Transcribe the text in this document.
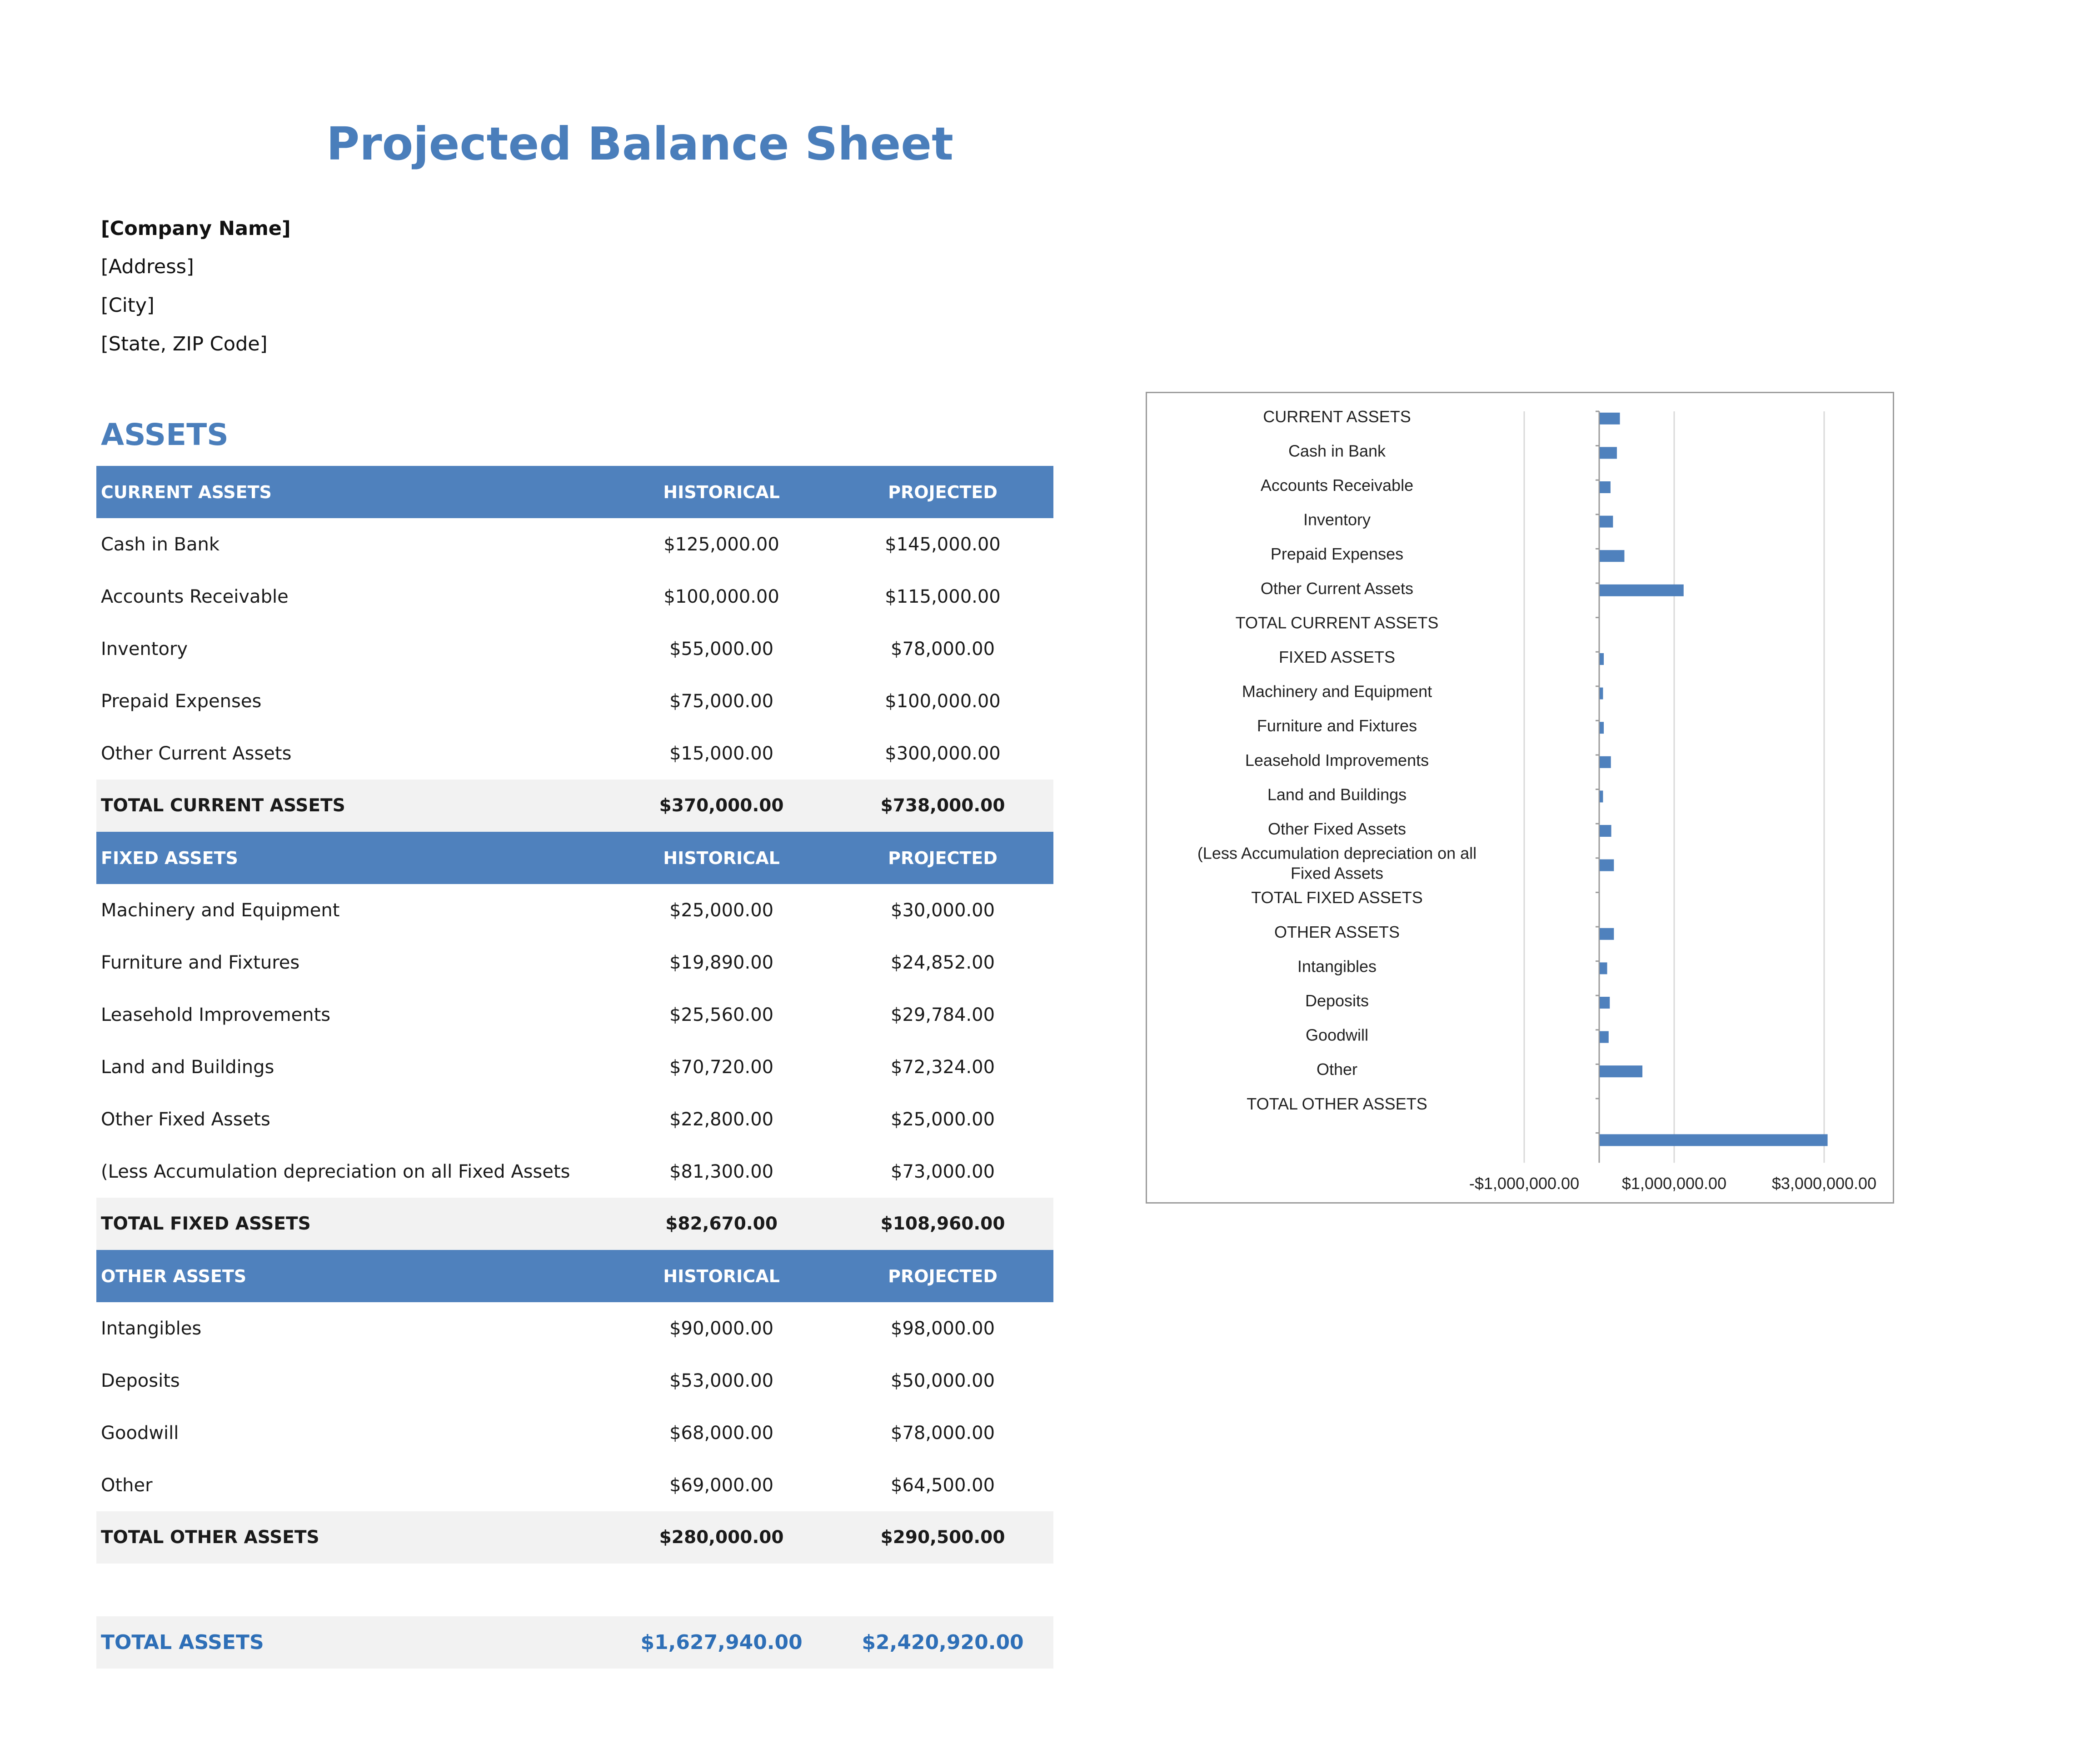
Projected Balance Sheet
[Company Name]
[Address]
[City]
[State, ZIP Code]
ASSETS
CURRENT ASSETS	HISTORICAL	PROJECTED
Cash in Bank	$125,000.00	$145,000.00
Accounts Receivable	$100,000.00	$115,000.00
Inventory	$55,000.00	$78,000.00
Prepaid Expenses	$75,000.00	$100,000.00
Other Current Assets	$15,000.00	$300,000.00
TOTAL CURRENT ASSETS	$370,000.00	$738,000.00
FIXED ASSETS	HISTORICAL	PROJECTED
Machinery and Equipment	$25,000.00	$30,000.00
Furniture and Fixtures	$19,890.00	$24,852.00
Leasehold Improvements	$25,560.00	$29,784.00
Land and Buildings	$70,720.00	$72,324.00
Other Fixed Assets	$22,800.00	$25,000.00
(Less Accumulation depreciation on all Fixed Assets	$81,300.00	$73,000.00
TOTAL FIXED ASSETS	$82,670.00	$108,960.00
OTHER ASSETS	HISTORICAL	PROJECTED
Intangibles	$90,000.00	$98,000.00
Deposits	$53,000.00	$50,000.00
Goodwill	$68,000.00	$78,000.00
Other	$69,000.00	$64,500.00
TOTAL OTHER ASSETS	$280,000.00	$290,500.00

TOTAL ASSETS	$1,627,940.00	$2,420,920.00
-$1,000,000.00	$1,000,000.00	$3,000,000.00
CURRENT ASSETS
Cash in Bank
Accounts Receivable
Inventory
Prepaid Expenses
Other Current Assets
TOTAL CURRENT ASSETS
FIXED ASSETS
Machinery and Equipment
Furniture and Fixtures
Leasehold Improvements
Land and Buildings
Other Fixed Assets
(Less Accumulation depreciation on all
Fixed Assets
TOTAL FIXED ASSETS
OTHER ASSETS
Intangibles
Deposits
Goodwill
Other
TOTAL OTHER ASSETS
